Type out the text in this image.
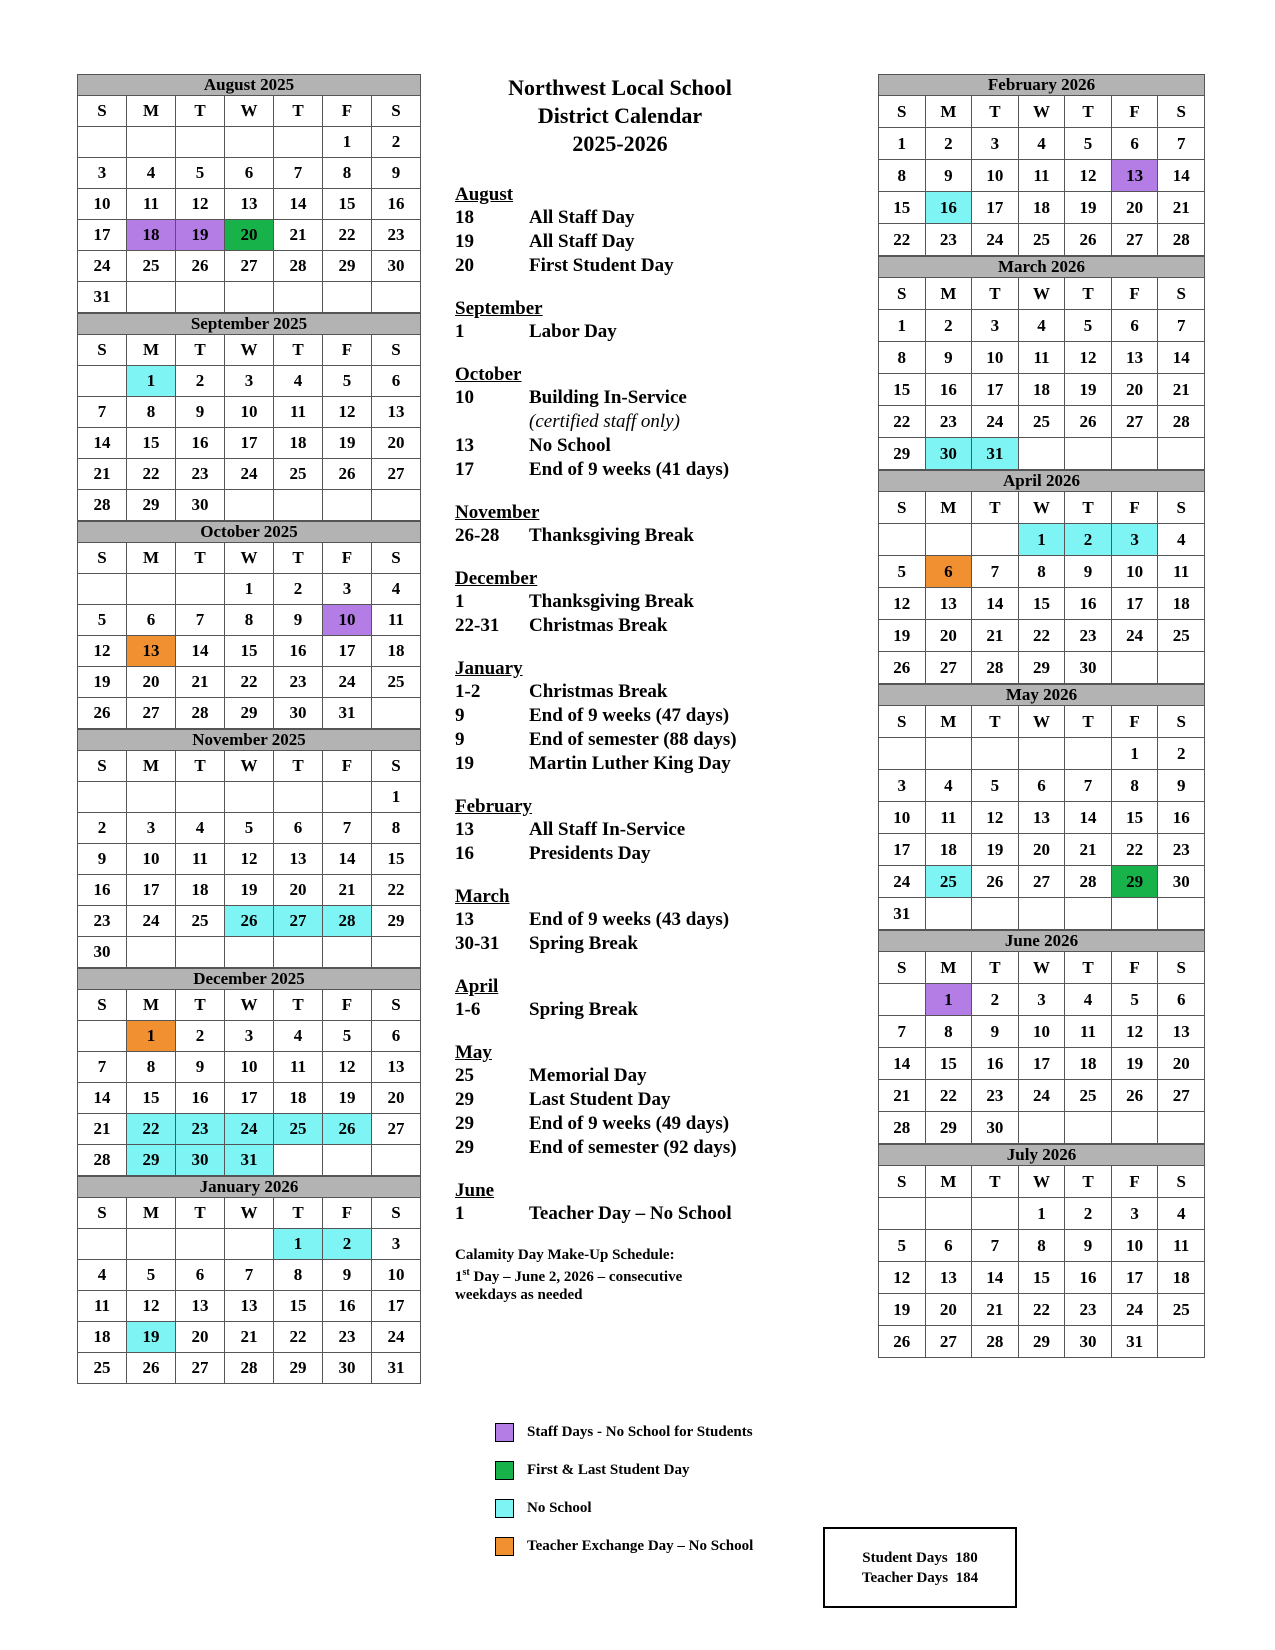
August 2025						
S	M	T	W	T	F	S
					1	2
3	4	5	6	7	8	9
10	11	12	13	14	15	16
17	18	19	20	21	22	23
24	25	26	27	28	29	30
31						
September 2025						
S	M	T	W	T	F	S
	1	2	3	4	5	6
7	8	9	10	11	12	13
14	15	16	17	18	19	20
21	22	23	24	25	26	27
28	29	30				
October 2025						
S	M	T	W	T	F	S
			1	2	3	4
5	6	7	8	9	10	11
12	13	14	15	16	17	18
19	20	21	22	23	24	25
26	27	28	29	30	31	
November 2025						
S	M	T	W	T	F	S
						1
2	3	4	5	6	7	8
9	10	11	12	13	14	15
16	17	18	19	20	21	22
23	24	25	26	27	28	29
30						
December 2025						
S	M	T	W	T	F	S
	1	2	3	4	5	6
7	8	9	10	11	12	13
14	15	16	17	18	19	20
21	22	23	24	25	26	27
28	29	30	31			
January 2026						
S	M	T	W	T	F	S
				1	2	3
4	5	6	7	8	9	10
11	12	13	13	15	16	17
18	19	20	21	22	23	24
25	26	27	28	29	30	31
February 2026						
S	M	T	W	T	F	S
1	2	3	4	5	6	7
8	9	10	11	12	13	14
15	16	17	18	19	20	21
22	23	24	25	26	27	28
March 2026						
S	M	T	W	T	F	S
1	2	3	4	5	6	7
8	9	10	11	12	13	14
15	16	17	18	19	20	21
22	23	24	25	26	27	28
29	30	31				
April 2026						
S	M	T	W	T	F	S
			1	2	3	4
5	6	7	8	9	10	11
12	13	14	15	16	17	18
19	20	21	22	23	24	25
26	27	28	29	30		
May 2026						
S	M	T	W	T	F	S
					1	2
3	4	5	6	7	8	9
10	11	12	13	14	15	16
17	18	19	20	21	22	23
24	25	26	27	28	29	30
31						
June 2026						
S	M	T	W	T	F	S
	1	2	3	4	5	6
7	8	9	10	11	12	13
14	15	16	17	18	19	20
21	22	23	24	25	26	27
28	29	30				
July 2026						
S	M	T	W	T	F	S
			1	2	3	4
5	6	7	8	9	10	11
12	13	14	15	16	17	18
19	20	21	22	23	24	25
26	27	28	29	30	31	
Northwest Local School
District Calendar
2025-2026
August
18	All Staff Day
19	All Staff Day
20	First Student Day
September
1	Labor Day
October
10	Building In-Service
(certified staff only)
13	No School
17	End of 9 weeks (41 days)
November
26-28	Thanksgiving Break
December
1	Thanksgiving Break
22-31	Christmas Break
January
1-2	Christmas Break
9	End of 9 weeks (47 days)
9	End of semester (88 days)
19	Martin Luther King Day
February
13	All Staff In-Service
16	Presidents Day
March
13	End of 9 weeks (43 days)
30-31	Spring Break
April
1-6	Spring Break
May
25	Memorial Day
29	Last Student Day
29	End of 9 weeks (49 days)
29	End of semester (92 days)
June
1	Teacher Day – No School
Calamity Day Make-Up Schedule:
1st Day – June 2, 2026 – consecutive
weekdays as needed
Staff Days - No School for Students
First & Last Student Day
No School
Teacher Exchange Day – No School
Student Days 180
Teacher Days 184
